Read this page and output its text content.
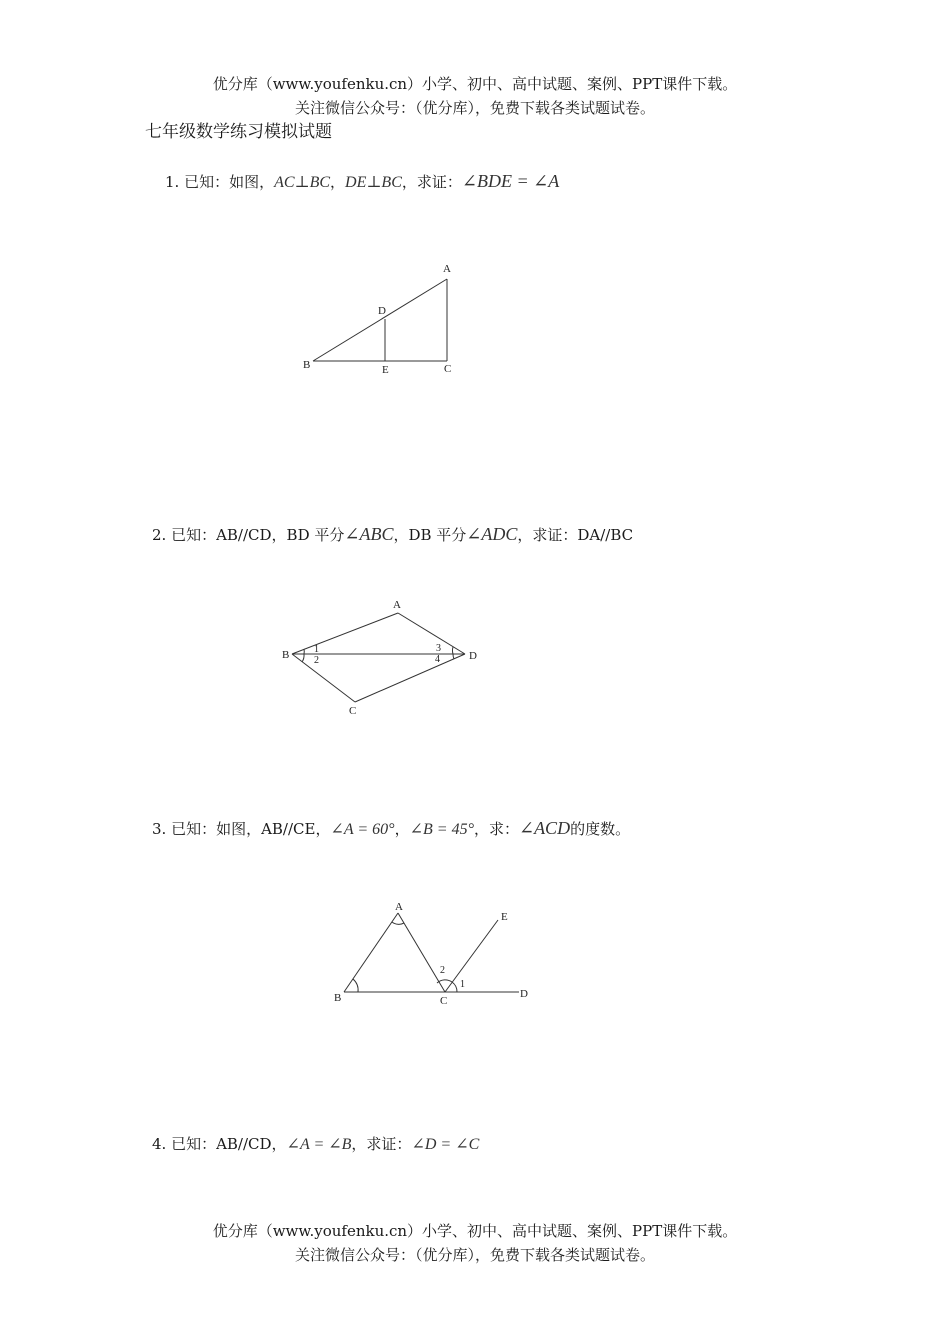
优分库（www.youfenku.cn）小学、初中、高中试题、案例、PPT课件下载。
关注微信公众号：（优分库），免费下载各类试题试卷。
七年级数学练习模拟试题
1. 已知：如图，AC⊥BC，DE⊥BC，求证：∠BDE = ∠A
2. 已知：AB//CD，BD 平分∠ABC，DB 平分∠ADC，求证：DA//BC
3. 已知：如图，AB//CE，∠A = 60°，∠B = 45°，求：∠ACD的度数。
4. 已知：AB//CD，∠A = ∠B，求证：∠D = ∠C
A
B	C
D
E
A
B
C
D
1
2
3
4
A
B	C
D
E
1
2
优分库（www.youfenku.cn）小学、初中、高中试题、案例、PPT课件下载。
关注微信公众号：（优分库），免费下载各类试题试卷。
